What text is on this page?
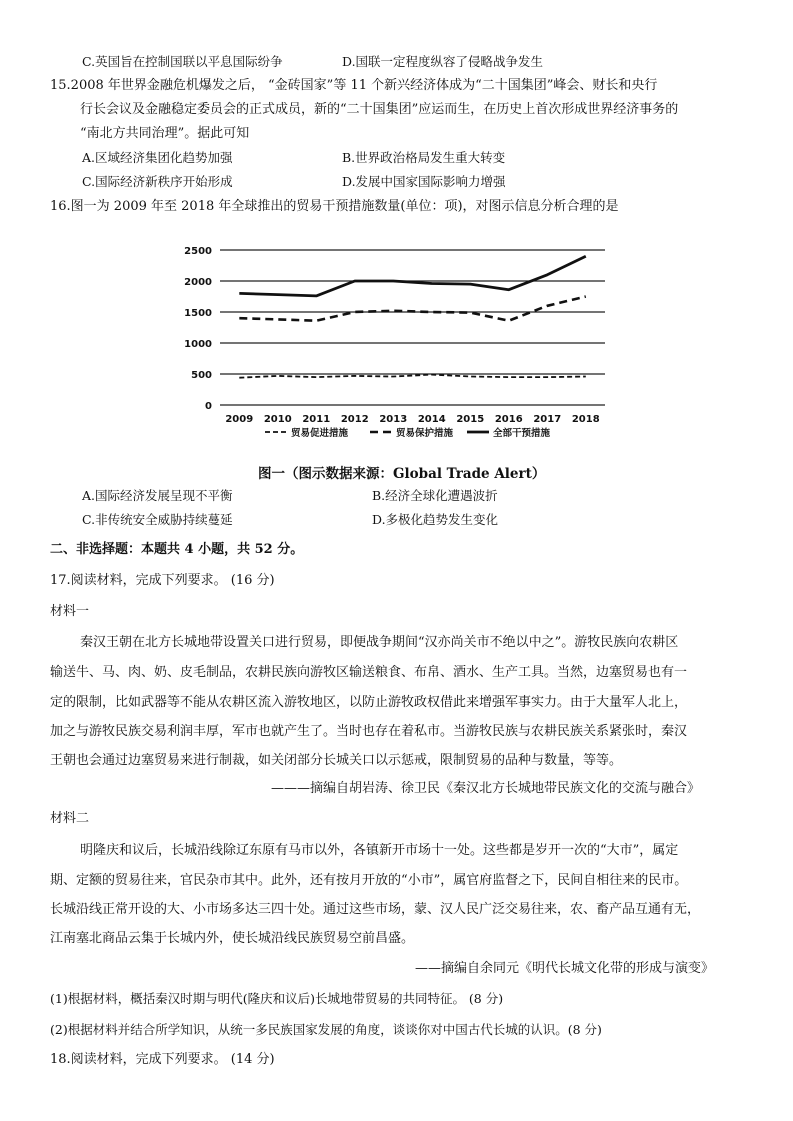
C.英国旨在控制国联以平息国际纷争	D.国联一定程度纵容了侵略战争发生
15.2008 年世界金融危机爆发之后， “金砖国家”等 11 个新兴经济体成为“二十国集团”峰会、财长和央行
行长会议及金融稳定委员会的正式成员，新的“二十国集团”应运而生，在历史上首次形成世界经济事务的
“南北方共同治理”。据此可知
A.区域经济集团化趋势加强	B.世界政治格局发生重大转变
C.国际经济新秩序开始形成	D.发展中国家国际影响力增强
16.图一为 2009 年至 2018 年全球推出的贸易干预措施数量(单位：项)，对图示信息分析合理的是
0
500
1000
1500
2000
2500
2009 2010 2011 2012 2013 2014 2015 2016 2017 2018
贸易促进措施	贸易保护措施	全部干预措施
图一（图示数据来源：Global Trade Alert）
A.国际经济发展呈现不平衡	B.经济全球化遭遇波折
C.非传统安全威胁持续蔓延	D.多极化趋势发生变化
二、非选择题：本题共 4 小题，共 52 分。
17.阅读材料，完成下列要求。 (16 分)
材料一
秦汉王朝在北方长城地带设置关口进行贸易，即便战争期间“汉亦尚关市不绝以中之”。游牧民族向农耕区
输送牛、马、肉、奶、皮毛制品，农耕民族向游牧区输送粮食、布帛、酒水、生产工具。当然，边塞贸易也有一
定的限制，比如武器等不能从农耕区流入游牧地区，以防止游牧政权借此来增强军事实力。由于大量军人北上，
加之与游牧民族交易利润丰厚，军市也就产生了。当时也存在着私市。当游牧民族与农耕民族关系紧张时，秦汉
王朝也会通过边塞贸易来进行制裁，如关闭部分长城关口以示惩戒，限制贸易的品种与数量，等等。
———摘编自胡岩涛、徐卫民《秦汉北方长城地带民族文化的交流与融合》
材料二
明隆庆和议后，长城沿线除辽东原有马市以外，各镇新开市场十一处。这些都是岁开一次的“大市”，属定
期、定额的贸易往来，官民杂市其中。此外，还有按月开放的“小市”，属官府监督之下，民间自相往来的民市。
长城沿线正常开设的大、小市场多达三四十处。通过这些市场，蒙、汉人民广泛交易往来，农、畜产品互通有无，
江南塞北商品云集于长城内外，使长城沿线民族贸易空前昌盛。
——摘编自余同元《明代长城文化带的形成与演变》
(1)根据材料，概括秦汉时期与明代(隆庆和议后)长城地带贸易的共同特征。 (8 分)
(2)根据材料并结合所学知识，从统一多民族国家发展的角度，谈谈你对中国古代长城的认识。(8 分)
18.阅读材料，完成下列要求。 (14 分)
